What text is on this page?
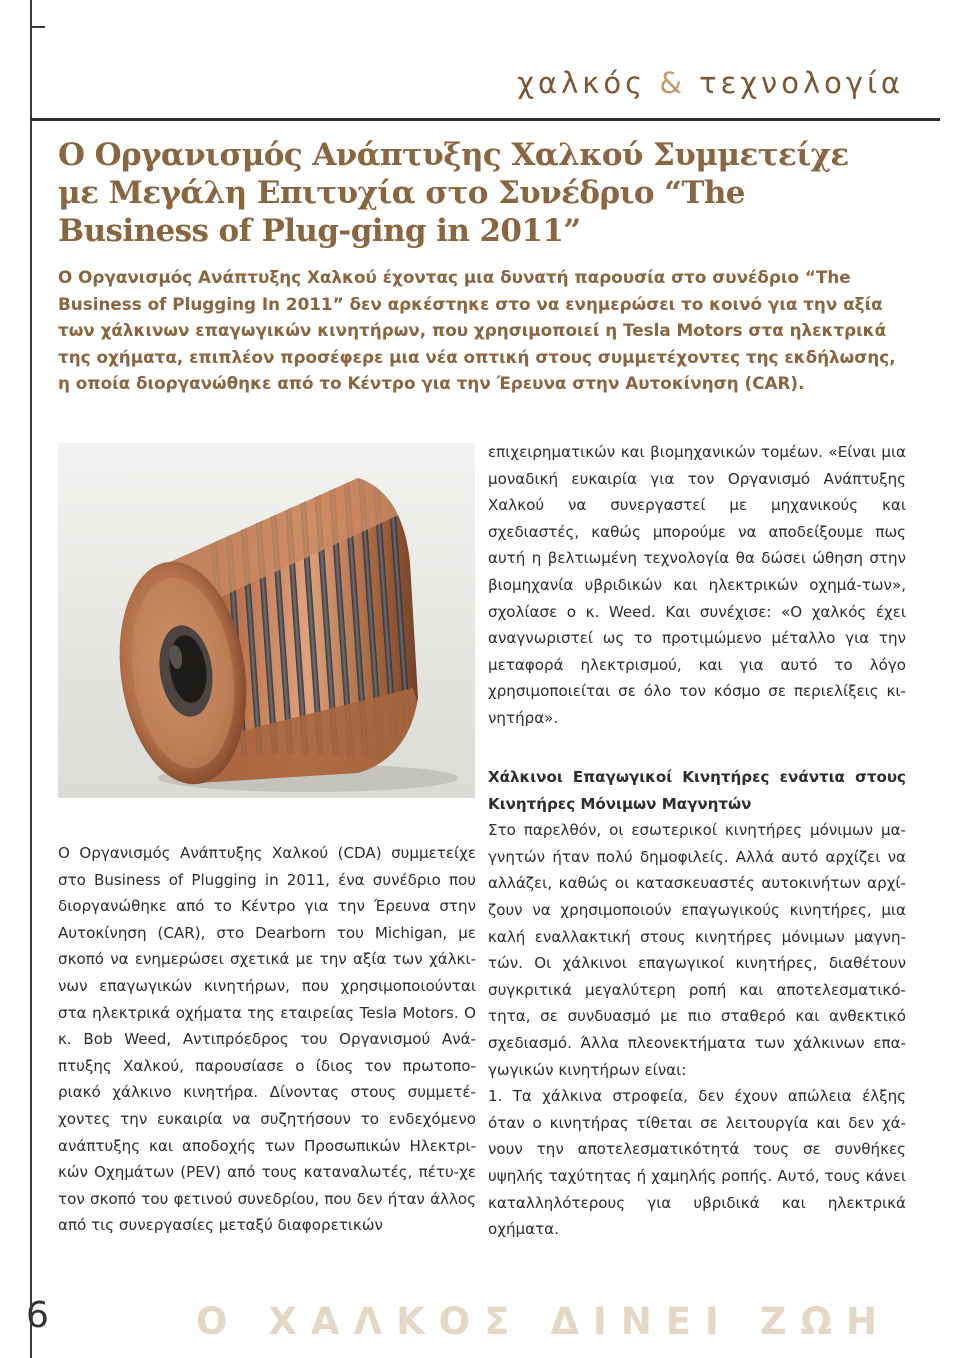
χαλκός & τεχνολογία
Ο Οργανισμός Ανάπτυξης Χαλκού Συμμετείχε με Μεγάλη Επιτυχία στο Συνέδριο “The Business of Plug-ging in 2011”

Ο Οργανισμός Ανάπτυξης Χαλκού έχοντας μια δυνατή παρουσία στο συνέδριο “The Business of Plugging In 2011” δεν αρκέστηκε στο να ενημερώσει το κοινό για την αξία των χάλκινων επαγωγικών κινητήρων, που χρησιμοποιεί η Tesla Motors στα ηλεκτρικά της οχήματα, επιπλέον προσέφερε μια νέα οπτική στους συμμετέχοντες της εκδήλωσης, η οποία διοργανώθηκε από το Κέντρο για την Έρευνα στην Αυτοκίνηση (CAR).

Ο Οργανισμός Ανάπτυξης Χαλκού (CDA) συμμετείχε στο Business of Plugging in 2011, ένα συνέδριο που διοργανώθηκε από το Κέντρο για την Έρευνα στην Αυτοκίνηση (CAR), στο Dearborn του Michigan, με σκοπό να ενημερώσει σχετικά με την αξία των χάλκι-νων επαγωγικών κινητήρων, που χρησιμοποιούνται στα ηλεκτρικά οχήματα της εταιρείας Tesla Motors. Ο κ. Bob Weed, Αντιπρόεδρος του Οργανισμού Ανά-πτυξης Χαλκού, παρουσίασε ο ίδιος τον πρωτοπο-ριακό χάλκινο κινητήρα. Δίνοντας στους συμμετέ-χοντες την ευκαιρία να συζητήσουν το ενδεχόμενο ανάπτυξης και αποδοχής των Προσωπικών Ηλεκτρι-κών Οχημάτων (PEV) από τους καταναλωτές, πέτυ-χε τον σκοπό του φετινού συνεδρίου, που δεν ήταν άλλος από τις συνεργασίες μεταξύ διαφορετικών

επιχειρηματικών και βιομηχανικών τομέων. «Είναι μια μοναδική ευκαιρία για τον Οργανισμό Ανάπτυξης Χαλκού να συνεργαστεί με μηχανικούς και σχεδιαστές, καθώς μπορούμε να αποδείξουμε πως αυτή η βελτιωμένη τεχνολογία θα δώσει ώθηση στην βιομηχανία υβριδικών και ηλεκτρικών οχημά-των», σχολίασε ο κ. Weed. Και συνέχισε: «Ο χαλκός έχει αναγνωριστεί ως το προτιμώμενο μέταλλο για την μεταφορά ηλεκτρισμού, και για αυτό το λόγο χρησιμοποιείται σε όλο τον κόσμο σε περιελίξεις κι-νητήρα».

Χάλκινοι Επαγωγικοί Κινητήρες ενάντια στους Κινητήρες Μόνιμων Μαγνητών

Στο παρελθόν, οι εσωτερικοί κινητήρες μόνιμων μα-γνητών ήταν πολύ δημοφιλείς. Αλλά αυτό αρχίζει να αλλάζει, καθώς οι κατασκευαστές αυτοκινήτων αρχί-ζουν να χρησιμοποιούν επαγωγικούς κινητήρες, μια καλή εναλλακτική στους κινητήρες μόνιμων μαγνη-τών. Οι χάλκινοι επαγωγικοί κινητήρες, διαθέτουν συγκριτικά μεγαλύτερη ροπή και αποτελεσματικό-τητα, σε συνδυασμό με πιο σταθερό και ανθεκτικό σχεδιασμό. Άλλα πλεονεκτήματα των χάλκινων επα-γωγικών κινητήρων είναι:

1. Τα χάλκινα στροφεία, δεν έχουν απώλεια έλξης όταν ο κινητήρας τίθεται σε λειτουργία και δεν χά-νουν την αποτελεσματικότητά τους σε συνθήκες υψηλής ταχύτητας ή χαμηλής ροπής. Αυτό, τους κάνει καταλληλότερους για υβριδικά και ηλεκτρικά οχήματα.

6	Ο ΧΑΛΚΟΣ ΔΙΝΕΙ ΖΩΗ
